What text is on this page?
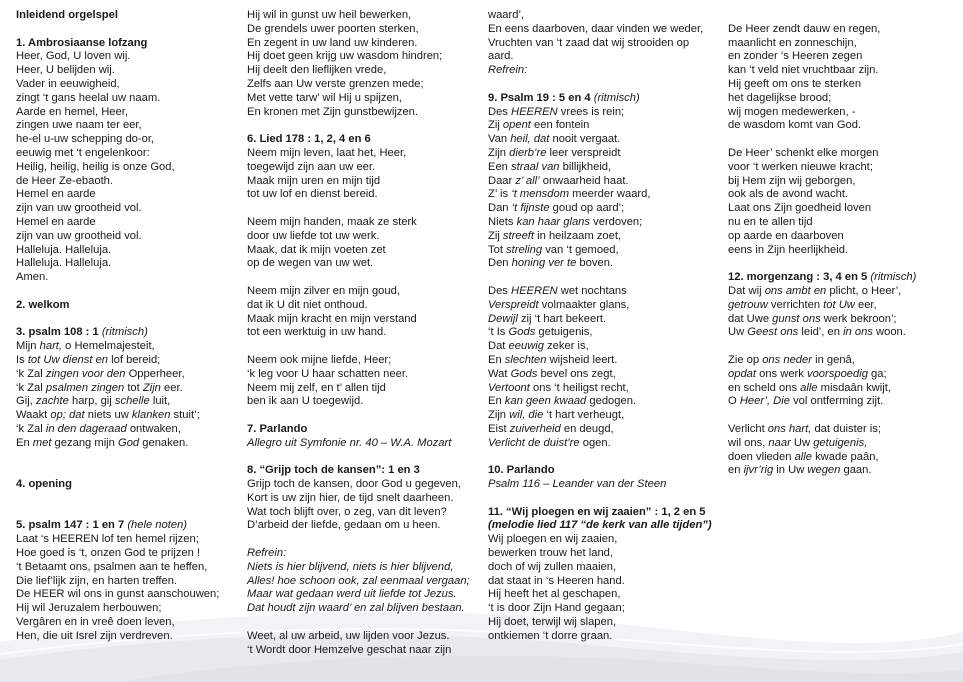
Inleidend orgelspel
1. Ambrosiaanse lofzang
Heer, God, U loven wij.
Heer, U belijden wij.
Vader in eeuwigheid,
zingt ‘t gans heelal uw naam.
Aarde en hemel, Heer,
zingen uwe naam ter eer,
he-el u-uw schepping do-or,
eeuwig met ‘t engelenkoor:
Heilig, heilig, heilig is onze God,
de Heer Ze-ebaoth.
Hemel en aarde
zijn van uw grootheid vol.
Hemel en aarde
zijn van uw grootheid vol.
Halleluja. Halleluja.
Halleluja. Halleluja.
Amen.
2. welkom
3. psalm 108 : 1 (ritmisch)
Mijn hart, o Hemelmajesteit,
Is tot Uw dienst en lof bereid;
‘k Zal zingen voor den Opperheer,
‘k Zal psalmen zingen tot Zijn eer.
Gij, zachte harp, gij schelle luit,
Waakt op; dat niets uw klanken stuit’;
‘k Zal in den dageraad ontwaken,
En met gezang mijn God genaken.
4. opening
5. psalm 147 : 1 en 7 (hele noten)
Laat ‘s HEEREN lof ten hemel rijzen;
Hoe goed is ‘t, onzen God te prijzen !
‘t Betaamt ons, psalmen aan te heffen,
Die lief’lijk zijn, en harten treffen.
De HEER wil ons in gunst aanschouwen;
Hij wil Jeruzalem herbouwen;
Vergâren en in vreê doen leven,
Hen, die uit Isrel zijn verdreven.
Hij wil in gunst uw heil bewerken,
De grendels uwer poorten sterken,
En zegent in uw land uw kinderen.
Hij doet geen krijg uw wasdom hindren;
Hij deelt den lieflijken vrede,
Zelfs aan Uw verste grenzen mede;
Met vette tarw’ wil Hij u spijzen,
En kronen met Zijn gunstbewijzen.
6. Lied 178 : 1, 2, 4 en 6
Neem mijn leven, laat het, Heer,
toegewijd zijn aan uw eer.
Maak mijn uren en mijn tijd
tot uw lof en dienst bereid.
Neem mijn handen, maak ze sterk
door uw liefde tot uw werk.
Maak, dat ik mijn voeten zet
op de wegen van uw wet.
Neem mijn zilver en mijn goud,
dat ik U dit niet onthoud.
Maak mijn kracht en mijn verstand
tot een werktuig in uw hand.
Neem ook mijne liefde, Heer;
‘k leg voor U haar schatten neer.
Neem mij zelf, en t’ allen tijd
ben ik aan U toegewijd.
7. Parlando
Allegro uit Symfonie nr. 40 – W.A. Mozart
8. “Grijp toch de kansen”: 1 en 3
Grijp toch de kansen, door God u gegeven,
Kort is uw zijn hier, de tijd snelt daarheen.
Wat toch blijft over, o zeg, van dit leven?
D’arbeid der liefde, gedaan om u heen.
Refrein:
Niets is hier blijvend, niets is hier blijvend,
Alles! hoe schoon ook, zal eenmaal vergaan;
Maar wat gedaan werd uit liefde tot Jezus.
Dat houdt zijn waard’ en zal blijven bestaan.
Weet, al uw arbeid, uw lijden voor Jezus.
‘t Wordt door Hemzelve geschat naar zijn
waard’,
En eens daarboven, daar vinden we weder,
Vruchten van ‘t zaad dat wij strooiden op
aard.
Refrein:
9. Psalm 19 : 5 en 4 (ritmisch)
Des HEEREN vrees is rein;
Zij opent een fontein
Van heil, dat nooit vergaat.
Zijn dierb’re leer verspreidt
Een straal van billijkheid,
Daar z’ all’ onwaarheid haat.
Z’ is ‘t mensdom meerder waard,
Dan ‘t fijnste goud op aard’;
Niets kan haar glans verdoven;
Zij streeft in heilzaam zoet,
Tot streling van ‘t gemoed,
Den honing ver te boven.
Des HEEREN wet nochtans
Verspreidt volmaakter glans,
Dewijl zij ‘t hart bekeert.
‘t Is Gods getuigenis,
Dat eeuwig zeker is,
En slechten wijsheid leert.
Wat Gods bevel ons zegt,
Vertoont ons ‘t heiligst recht,
En kan geen kwaad gedogen.
Zijn wil, die ‘t hart verheugt,
Eist zuiverheid en deugd,
Verlicht de duist’re ogen.
10. Parlando
Psalm 116 – Leander van der Steen
11. “Wij ploegen en wij zaaien” : 1, 2 en 5
(melodie lied 117 “de kerk van alle tijden”)
Wij ploegen en wij zaaien,
bewerken trouw het land,
doch of wij zullen maaien,
dat staat in ‘s Heeren hand.
Hij heeft het al geschapen,
‘t is door Zijn Hand gegaan;
Hij doet, terwijl wij slapen,
ontkiemen ‘t dorre graan.
De Heer zendt dauw en regen,
maanlicht en zonneschijn,
en zonder ‘s Heeren zegen
kan ‘t veld niet vruchtbaar zijn.
Hij geeft om ons te sterken
het dagelijkse brood;
wij mogen medewerken, -
de wasdom komt van God.
De Heer’ schenkt elke morgen
voor ‘t werken nieuwe kracht;
bij Hem zijn wij geborgen,
ook als de avond wacht.
Laat ons Zijn goedheid loven
nu en te allen tijd
op aarde en daarboven
eens in Zijn heerlijkheid.
12. morgenzang : 3, 4 en 5 (ritmisch)
Dat wij ons ambt en plicht, o Heer’,
getrouw verrichten tot Uw eer,
dat Uwe gunst ons werk bekroon’;
Uw Geest ons leid’, en in ons woon.
Zie op ons neder in genâ,
opdat ons werk voorspoedig ga;
en scheld ons alle misdaân kwijt,
O Heer’, Die vol ontferming zijt.
Verlicht ons hart, dat duister is;
wil ons, naar Uw getuigenis,
doen vlieden alle kwade paân,
en ijvr’rig in Uw wegen gaan.
